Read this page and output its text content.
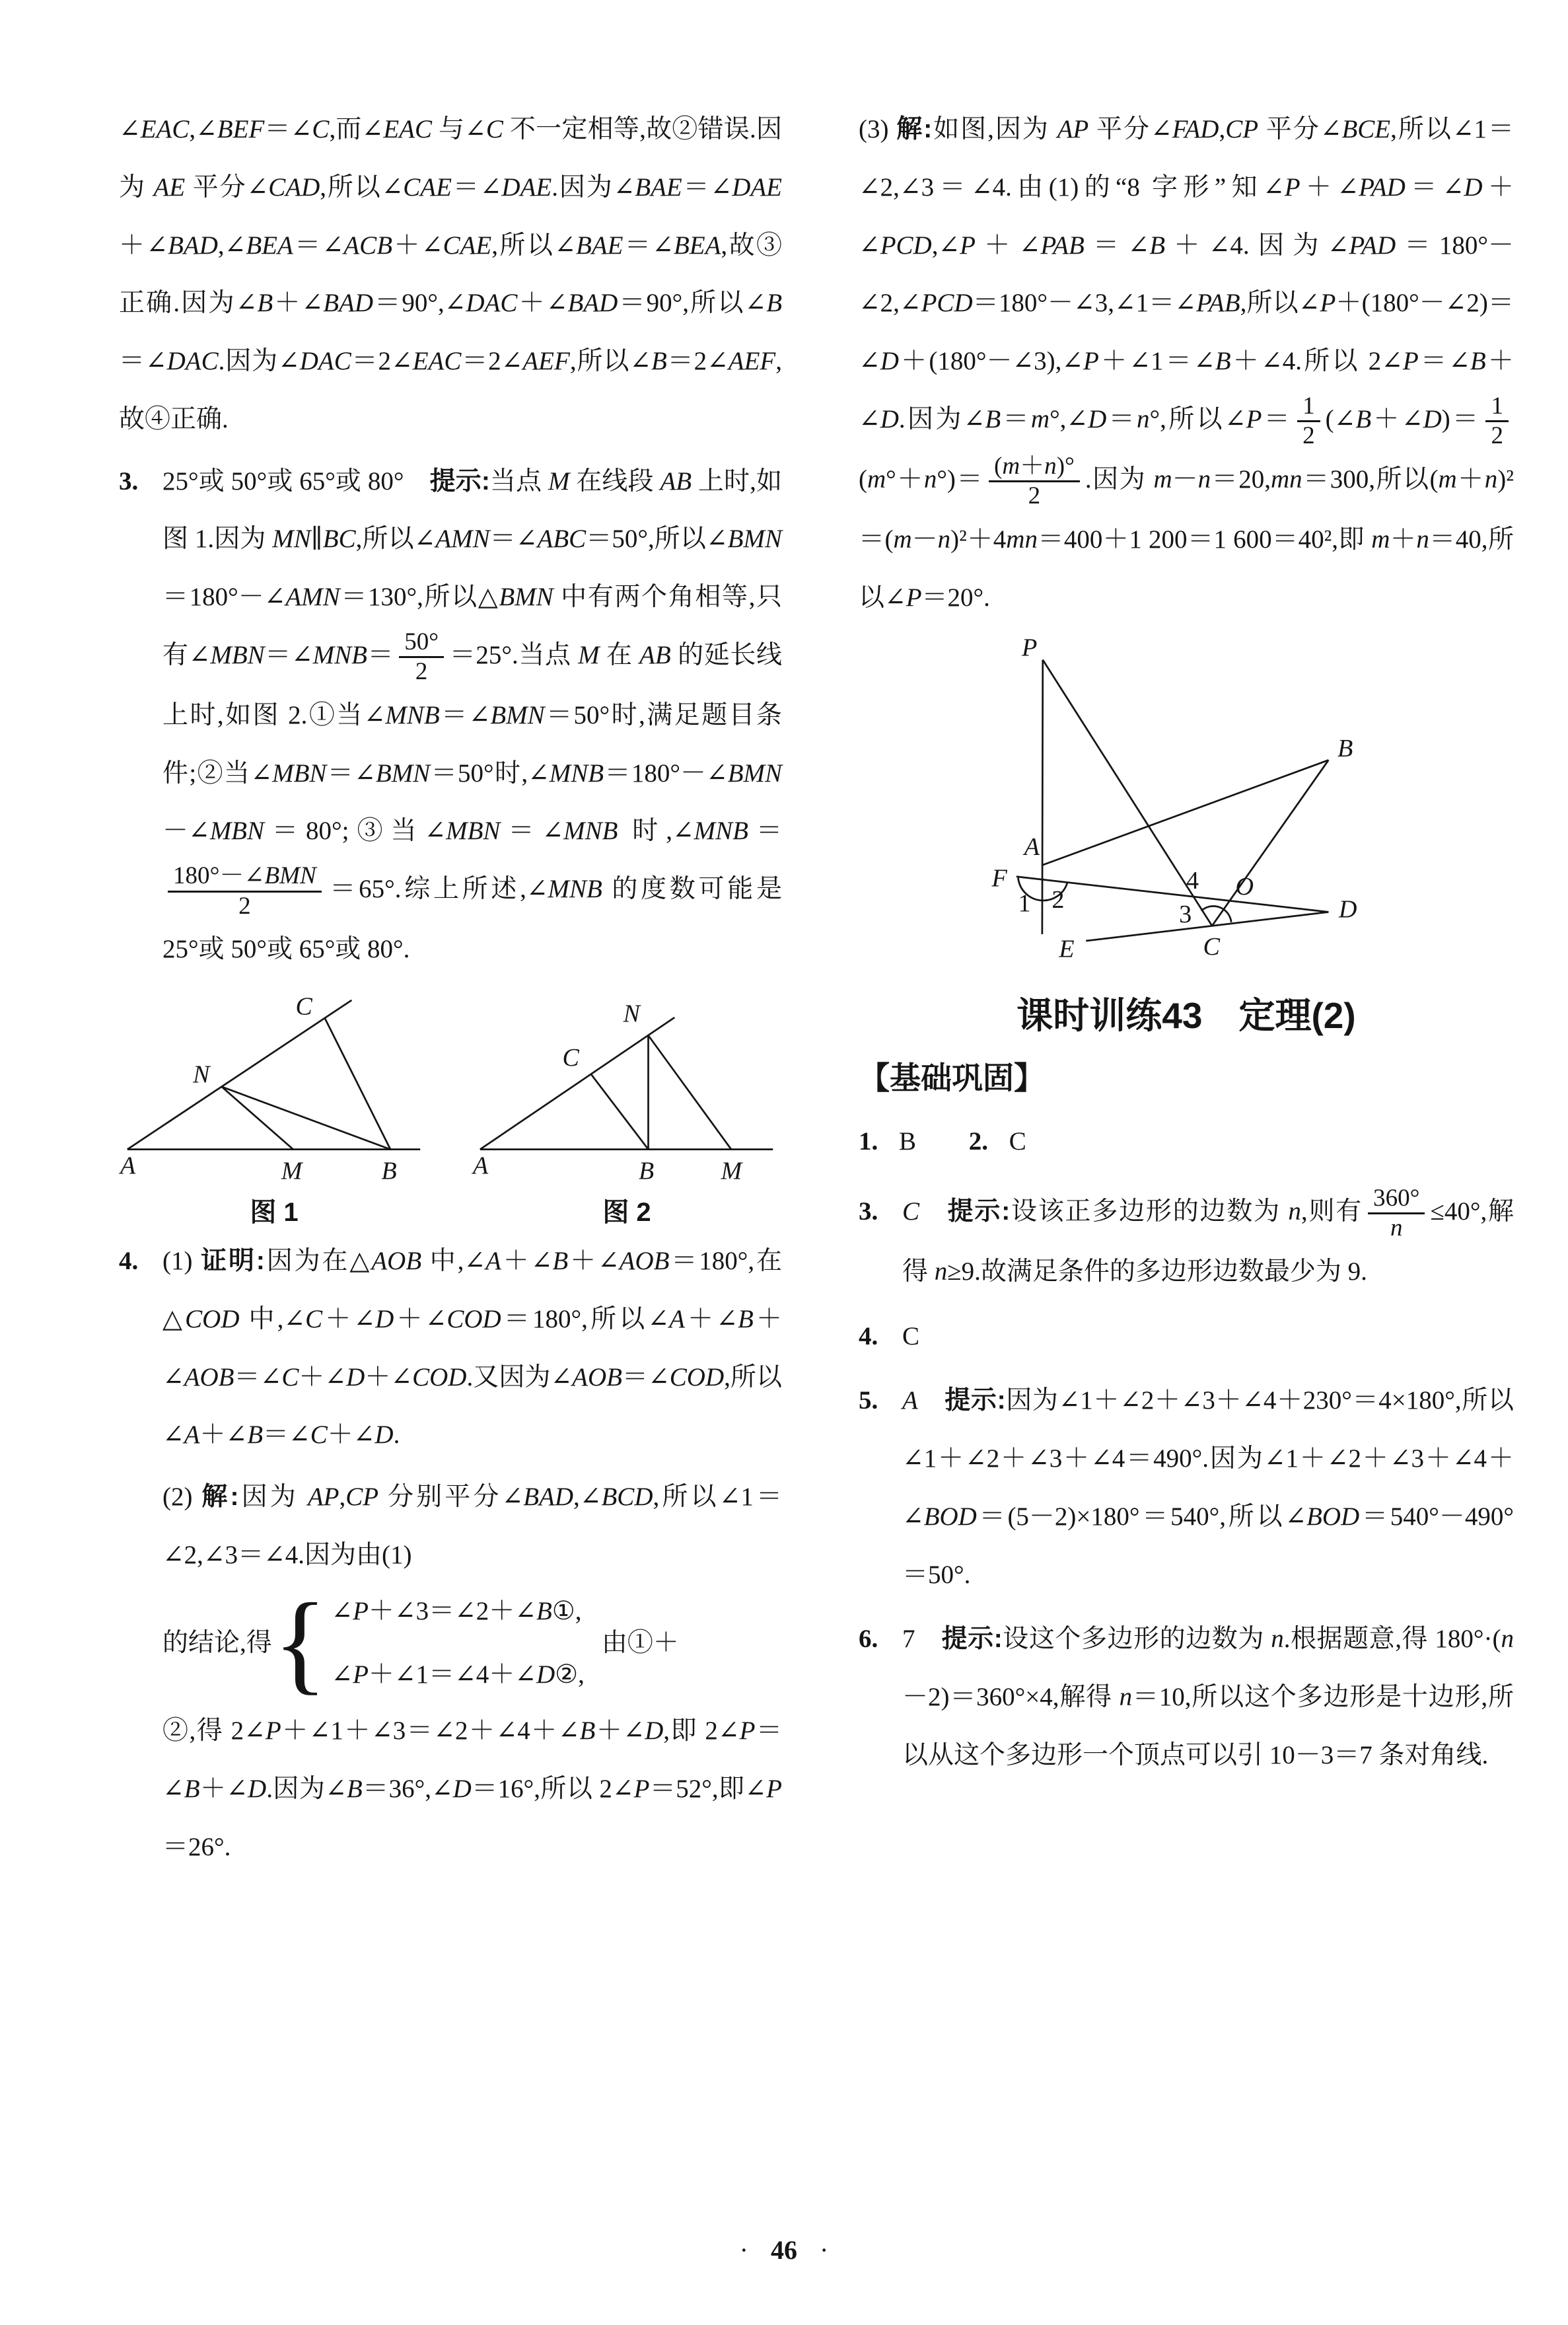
∠EAC,∠BEF＝∠C,而∠EAC 与∠C 不一定相等,故②错误.因为 AE 平分∠CAD,所以∠CAE＝∠DAE.因为∠BAE＝∠DAE＋∠BAD,∠BEA＝∠ACB＋∠CAE,所以∠BAE＝∠BEA,故③正确.因为∠B＋∠BAD＝90°,∠DAC＋∠BAD＝90°,所以∠B＝∠DAC.因为∠DAC＝2∠EAC＝2∠AEF,所以∠B＝2∠AEF,故④正确.

3. 25°或 50°或 65°或 80°　提示:当点 M 在线段 AB 上时,如图 1.因为 MN∥BC,所以∠AMN＝∠ABC＝50°,所以∠BMN＝180°－∠AMN＝130°,所以△BMN 中有两个角相等,只有∠MBN＝∠MNB＝ $\frac{50^\circ}{2} =25^\circ$.当点 M 在 AB 的延长线上时,如图 2.①当∠MNB＝∠BMN＝50°时,满足题目条件;②当∠MBN＝∠BMN＝50°时,∠MNB＝180°－∠BMN－∠MBN＝80°;③当∠MBN＝∠MNB 时,∠MNB＝
$\frac{\text{180°－∠BMN}}{2} =65^\circ$.综上所述,∠MNB 的度数可能是 25°或 50°或 65°或 80°.
A	M	B
N
C
图 1
A	B M
N
C
图 2
4. (1) 证明:因为在△AOB 中,∠A＋∠B＋∠AOB＝180°,在△COD 中,∠C＋∠D＋∠COD＝180°,所以∠A＋∠B＋∠AOB＝∠C＋∠D＋∠COD.又因为∠AOB＝∠COD,所以∠A＋∠B＝∠C＋∠D.

(2) 解:因为 AP,CP 分别平分∠BAD,∠BCD,所以∠1＝∠2,∠3＝∠4.因为由(1)

的结论,得 { ∠P＋∠3＝∠2＋∠B①,
∠P＋∠1＝∠4＋∠D②,
由①＋

②,得 2∠P＋∠1＋∠3＝∠2＋∠4＋∠B＋∠D,即 2∠P＝∠B＋∠D.因为∠B＝36°,∠D＝16°,所以 2∠P＝52°,即∠P＝26°.

(3) 解:如图,因为 AP 平分∠FAD,CP 平分∠BCE,所以∠1＝∠2,∠3＝∠4.由(1)的“8 字形”知∠P＋∠PAD＝∠D＋∠PCD,∠P＋∠PAB＝∠B＋∠4.因为∠PAD＝180°－∠2,∠PCD＝180°－∠3,∠1＝∠PAB,所以∠P＋(180°－∠2)＝∠D＋(180°－∠3),∠P＋∠1＝∠B＋∠4.所以 2∠P＝∠B＋∠D.因为∠B＝m°,∠D＝n°,所以∠P＝ $\frac{1}{2}$ (∠B＋∠D)＝ $\frac{1}{2}$
$(m^\circ+n^\circ)= \frac{(m+n)^\circ}{2}$ .因为 m－n＝20,mn＝300,所以(m＋n)²＝(m－n)²＋4mn＝400＋1 200＝1 600＝40²,即 m＋n＝40,所以∠P＝20°.

P
B
A
F	O
D
E	C
1 2
3
4
课时训练43　定理(2)
【基础巩固】
1. B 2. C
3. C　 提示:设该正多边形的边数为 n,则有 $\frac{360^\circ}{n} \le 40^\circ$,解得 n≥9.故满足条件的多边形边数最少为 9.
4. C
5. A　 提示:因为∠1＋∠2＋∠3＋∠4＋230°＝4×180°,所以∠1＋∠2＋∠3＋∠4＝490°.因为∠1＋∠2＋∠3＋∠4＋∠BOD＝(5－2)×180°＝540°,所以∠BOD＝540°－490°＝50°.
6. 7　提示:设这个多边形的边数为 n.根据题意,得 180°·(n－2)＝360°×4,解得 n＝10,所以这个多边形是十边形,所以从这个多边形一个顶点可以引 10－3＝7 条对角线.
· 46 ·
